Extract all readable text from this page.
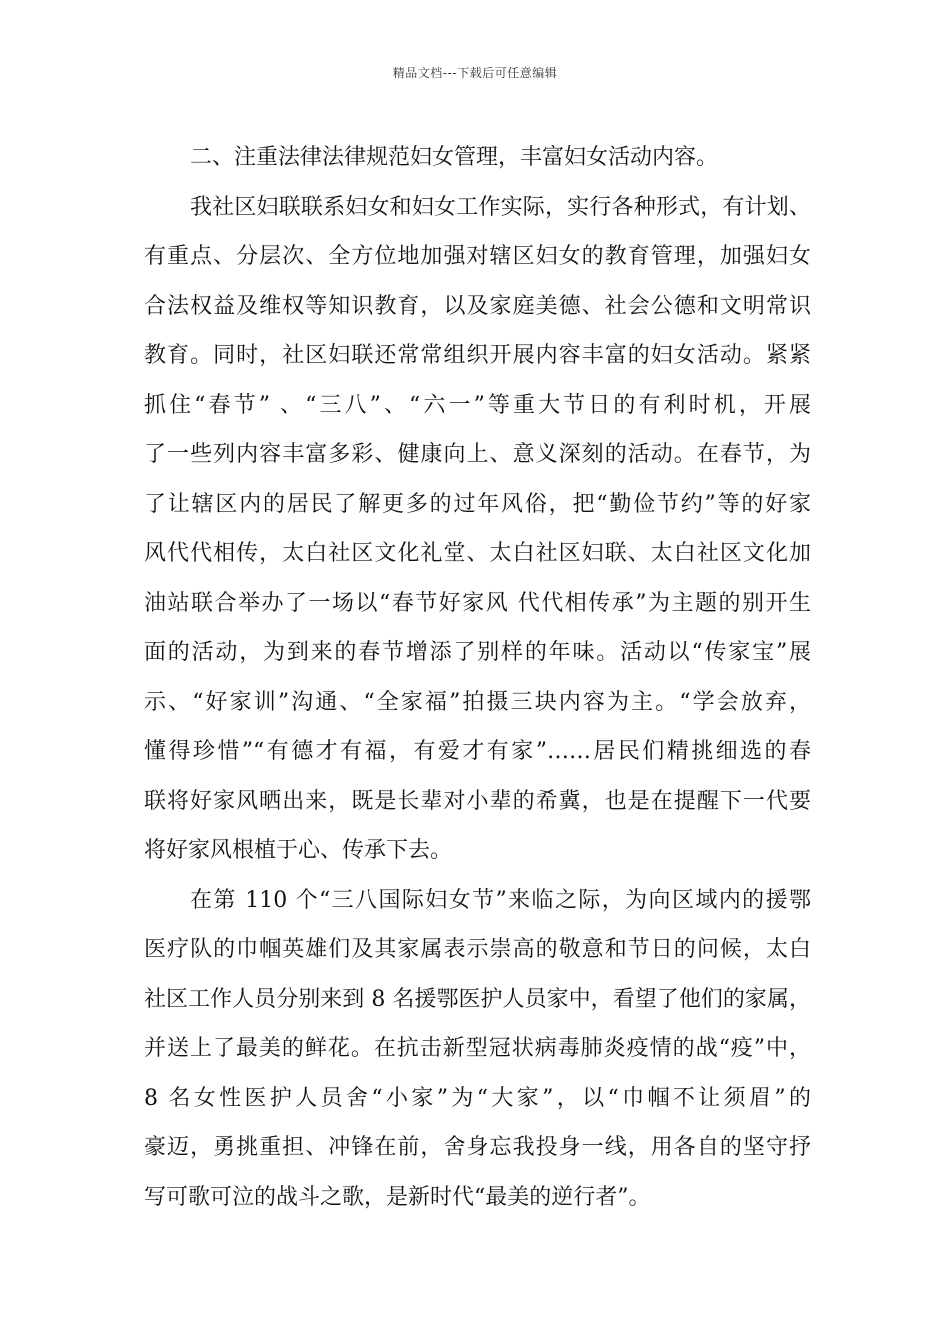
精品文档---下载后可任意编辑
二、注重法律法律规范妇女管理，丰富妇女活动内容。
我社区妇联联系妇女和妇女工作实际，实行各种形式，有计划、
有重点、分层次、全方位地加强对辖区妇女的教育管理，加强妇女
合法权益及维权等知识教育，以及家庭美德、社会公德和文明常识
教育。同时，社区妇联还常常组织开展内容丰富的妇女活动。紧紧
抓住“春节” 、“三八”、“六一”等重大节日的有利时机，开展
了一些列内容丰富多彩、健康向上、意义深刻的活动。在春节，为
了让辖区内的居民了解更多的过年风俗，把“勤俭节约”等的好家
风代代相传，太白社区文化礼堂、太白社区妇联、太白社区文化加
油站联合举办了一场以“春节好家风 代代相传承”为主题的别开生
面的活动，为到来的春节增添了别样的年味。活动以“传家宝”展
示、“好家训”沟通、“全家福”拍摄三块内容为主。“学会放弃，
懂得珍惜”“有德才有福，有爱才有家”……居民们精挑细选的春
联将好家风晒出来，既是长辈对小辈的希冀，也是在提醒下一代要
将好家风根植于心、传承下去。
在第 110 个“三八国际妇女节”来临之际，为向区域内的援鄂
医疗队的巾帼英雄们及其家属表示崇高的敬意和节日的问候，太白
社区工作人员分别来到 8 名援鄂医护人员家中，看望了他们的家属，
并送上了最美的鲜花。在抗击新型冠状病毒肺炎疫情的战“疫”中，
8 名女性医护人员舍“小家”为“大家”，以“巾帼不让须眉”的
豪迈，勇挑重担、冲锋在前，舍身忘我投身一线，用各自的坚守抒
写可歌可泣的战斗之歌，是新时代“最美的逆行者”。
